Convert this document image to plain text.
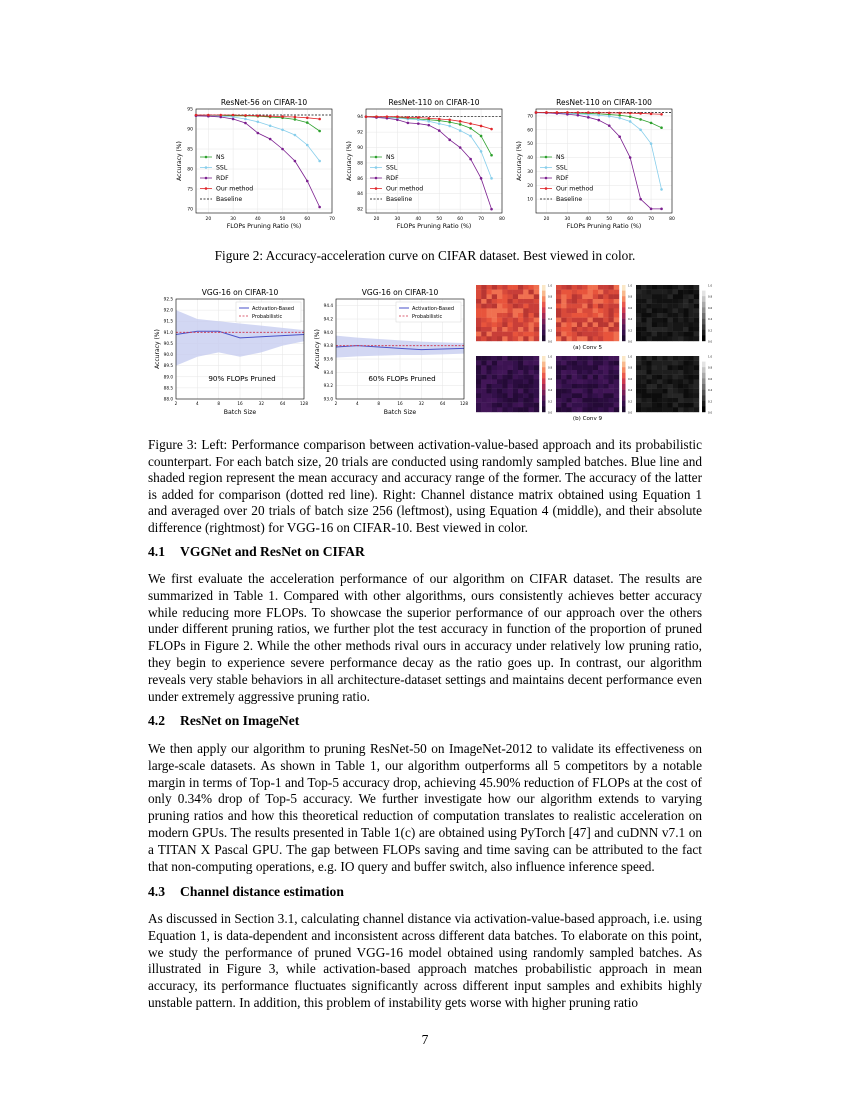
ResNet-56 on CIFAR-10
20	30	40	50	60	70
70
75
80
85
90
95
FLOPs Pruning Ratio (%)
Accuracy (%)	NS
SSL
RDF
Our method
Baseline
ResNet-110 on CIFAR-10
20	30	40	50	60	70	80
82
84
86
88
90
92
94
FLOPs Pruning Ratio (%)
Accuracy (%)	NS
SSL
RDF
Our method
Baseline
ResNet-110 on CIFAR-100
20	30	40	50	60	70	80
10
20
30
40
50
60
70
FLOPs Pruning Ratio (%)
Accuracy (%)	NS
SSL
RDF
Our method
Baseline
Figure 2: Accuracy-acceleration curve on CIFAR dataset. Best viewed in color.
VGG-16 on CIFAR-10
88.0
88.5
89.0
89.5
90.0
90.5
91.0
91.5
92.0
92.5
2	4	8	16	32	64	128
Activation-Based
Probabilistic
90% FLOPs Pruned
Batch Size
Accuracy (%)
VGG-16 on CIFAR-10
93.0
93.2
93.4
93.6
93.8
94.0
94.2
94.4
2	4	8	16	32	64	128
Activation-Based
Probabilistic
60% FLOPs Pruned
Batch Size
Accuracy (%)
1.0
0.8
0.6
0.4
0.2
0.0
1.0
0.8
0.6
0.4
0.2
0.0
1.0
0.8
0.6
0.4
0.2
0.0
(a) Conv 5
1.0
0.8
0.6
0.4
0.2
0.0
1.0
0.8
0.6
0.4
0.2
0.0
1.0
0.8
0.6
0.4
0.2
0.0
(b) Conv 9
Figure 3: Left: Performance comparison between activation-value-based approach and its probabilistic counterpart. For each batch size, 20 trials are conducted using randomly sampled batches. Blue line and shaded region represent the mean accuracy and accuracy range of the former. The accuracy of the latter is added for comparison (dotted red line). Right: Channel distance matrix obtained using Equation 1 and averaged over 20 trials of batch size 256 (leftmost), using Equation 4 (middle), and their absolute difference (rightmost) for VGG-16 on CIFAR-10. Best viewed in color.
4.1 VGGNet and ResNet on CIFAR
We first evaluate the acceleration performance of our algorithm on CIFAR dataset. The results are summarized in Table 1. Compared with other algorithms, ours consistently achieves better accuracy while reducing more FLOPs. To showcase the superior performance of our approach over the others under different pruning ratios, we further plot the test accuracy in function of the proportion of pruned FLOPs in Figure 2. While the other methods rival ours in accuracy under relatively low pruning ratio, they begin to experience severe performance decay as the ratio goes up. In contrast, our algorithm reveals very stable behaviors in all architecture-dataset settings and maintains decent performance even under extremely aggressive pruning ratio.
4.2 ResNet on ImageNet
We then apply our algorithm to pruning ResNet-50 on ImageNet-2012 to validate its effectiveness on large-scale datasets. As shown in Table 1, our algorithm outperforms all 5 competitors by a notable margin in terms of Top-1 and Top-5 accuracy drop, achieving 45.90% reduction of FLOPs at the cost of only 0.34% drop of Top-5 accuracy. We further investigate how our algorithm extends to varying pruning ratios and how this theoretical reduction of computation translates to realistic acceleration on modern GPUs. The results presented in Table 1(c) are obtained using PyTorch [47] and cuDNN v7.1 on a TITAN X Pascal GPU. The gap between FLOPs saving and time saving can be attributed to the fact that non-computing operations, e.g. IO query and buffer switch, also influence inference speed.
4.3 Channel distance estimation
As discussed in Section 3.1, calculating channel distance via activation-value-based approach, i.e. using Equation 1, is data-dependent and inconsistent across different data batches. To elaborate on this point, we study the performance of pruned VGG-16 model obtained using randomly sampled batches. As illustrated in Figure 3, while activation-based approach matches probabilistic approach in mean accuracy, its performance fluctuates significantly across different input samples and exhibits highly unstable pattern. In addition, this problem of instability gets worse with higher pruning ratio
7
